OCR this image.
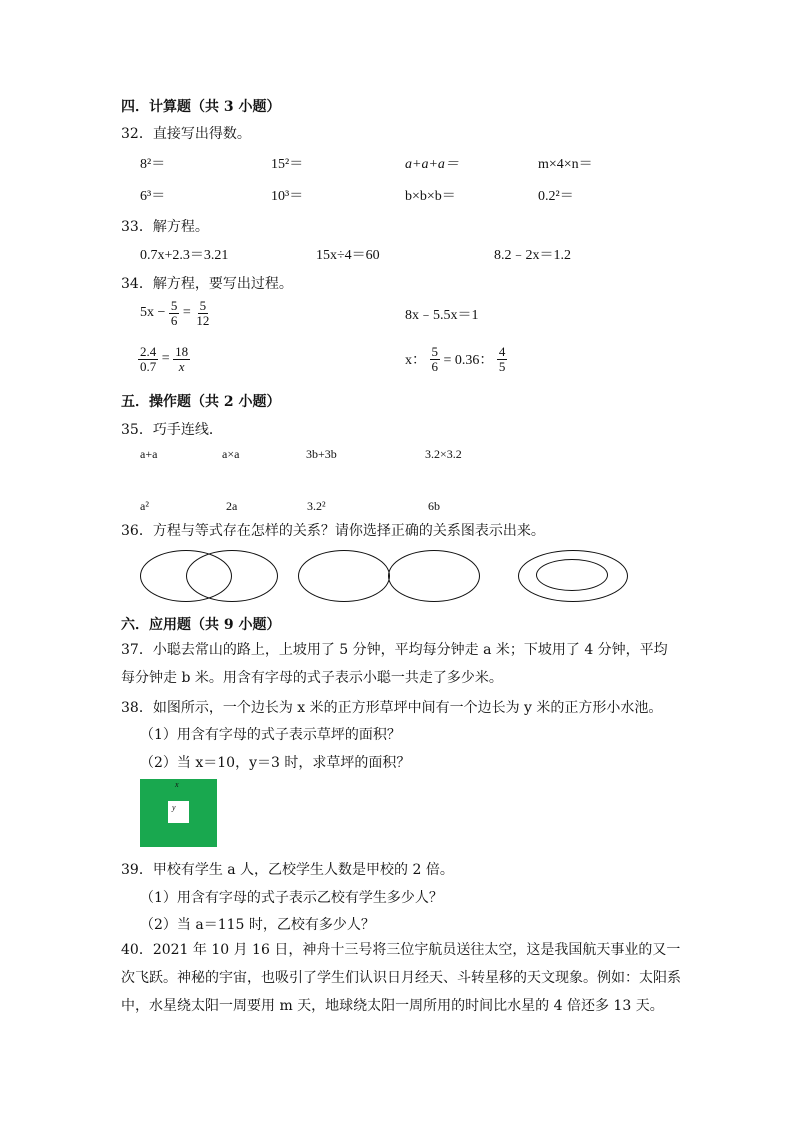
四．计算题（共 3 小题）
32．直接写出得数。
8²＝	15²＝	a+a+a＝	m×4×n＝
6³＝	10³＝	b×b×b＝	0.2²＝
33．解方程。
0.7x+2.3＝3.21	15x÷4＝60	8.2﹣2x＝1.2
34．解方程，要写出过程。
$5x - \frac{5}{6} = \frac{5}{12}$	8x﹣5.5x＝1
$\frac{2.4}{0.7} = \frac{18}{x}$	x： $\frac{5}{6} = 0.36$： $\frac{4}{5}$
五．操作题（共 2 小题）
35．巧手连线．
a+a	a×a	3b+3b	3.2×3.2
a²	2a	3.2²	6b
36．方程与等式存在怎样的关系？请你选择正确的关系图表示出来。
六．应用题（共 9 小题）
37．小聪去常山的路上，上坡用了 5 分钟，平均每分钟走 a 米；下坡用了 4 分钟，平均每分钟走 b 米。用含有字母的式子表示小聪一共走了多少米。
38．如图所示，一个边长为 x 米的正方形草坪中间有一个边长为 y 米的正方形小水池。
（1）用含有字母的式子表示草坪的面积？
（2）当 x＝10，y＝3 时，求草坪的面积？
x
y
39．甲校有学生 a 人，乙校学生人数是甲校的 2 倍。
（1）用含有字母的式子表示乙校有学生多少人？
（2）当 a＝115 时，乙校有多少人？
40．2021 年 10 月 16 日，神舟十三号将三位宇航员送往太空，这是我国航天事业的又一次飞跃。神秘的宇宙，也吸引了学生们认识日月经天、斗转星移的天文现象。例如：太阳系中，水星绕太阳一周要用 m 天，地球绕太阳一周所用的时间比水星的 4 倍还多 13 天。
